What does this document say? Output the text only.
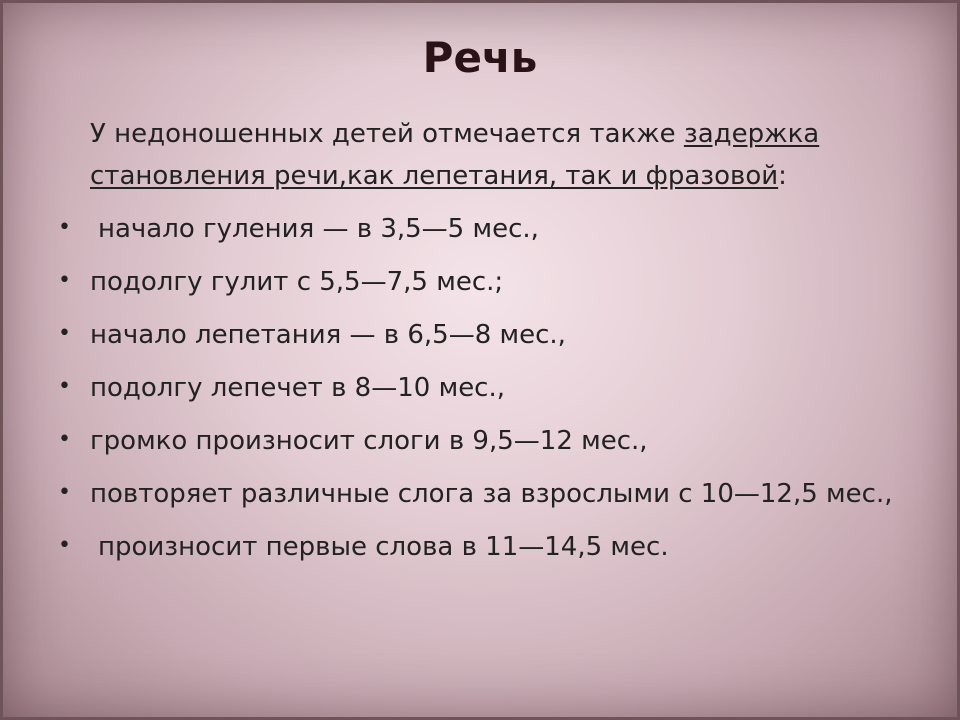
Речь

У недоношенных детей отмечается также задержка становления речи,как лепетания, так и фразовой:

• начало гуления — в 3,5—5 мес.,
• подолгу гулит с 5,5—7,5 мес.;
• начало лепетания — в 6,5—8 мес.,
• подолгу лепечет в 8—10 мес.,
• громко произносит слоги в 9,5—12 мес.,
• повторяет различные слога за взрослыми с 10—12,5 мес.,
• произносит первые слова в 11—14,5 мес.
